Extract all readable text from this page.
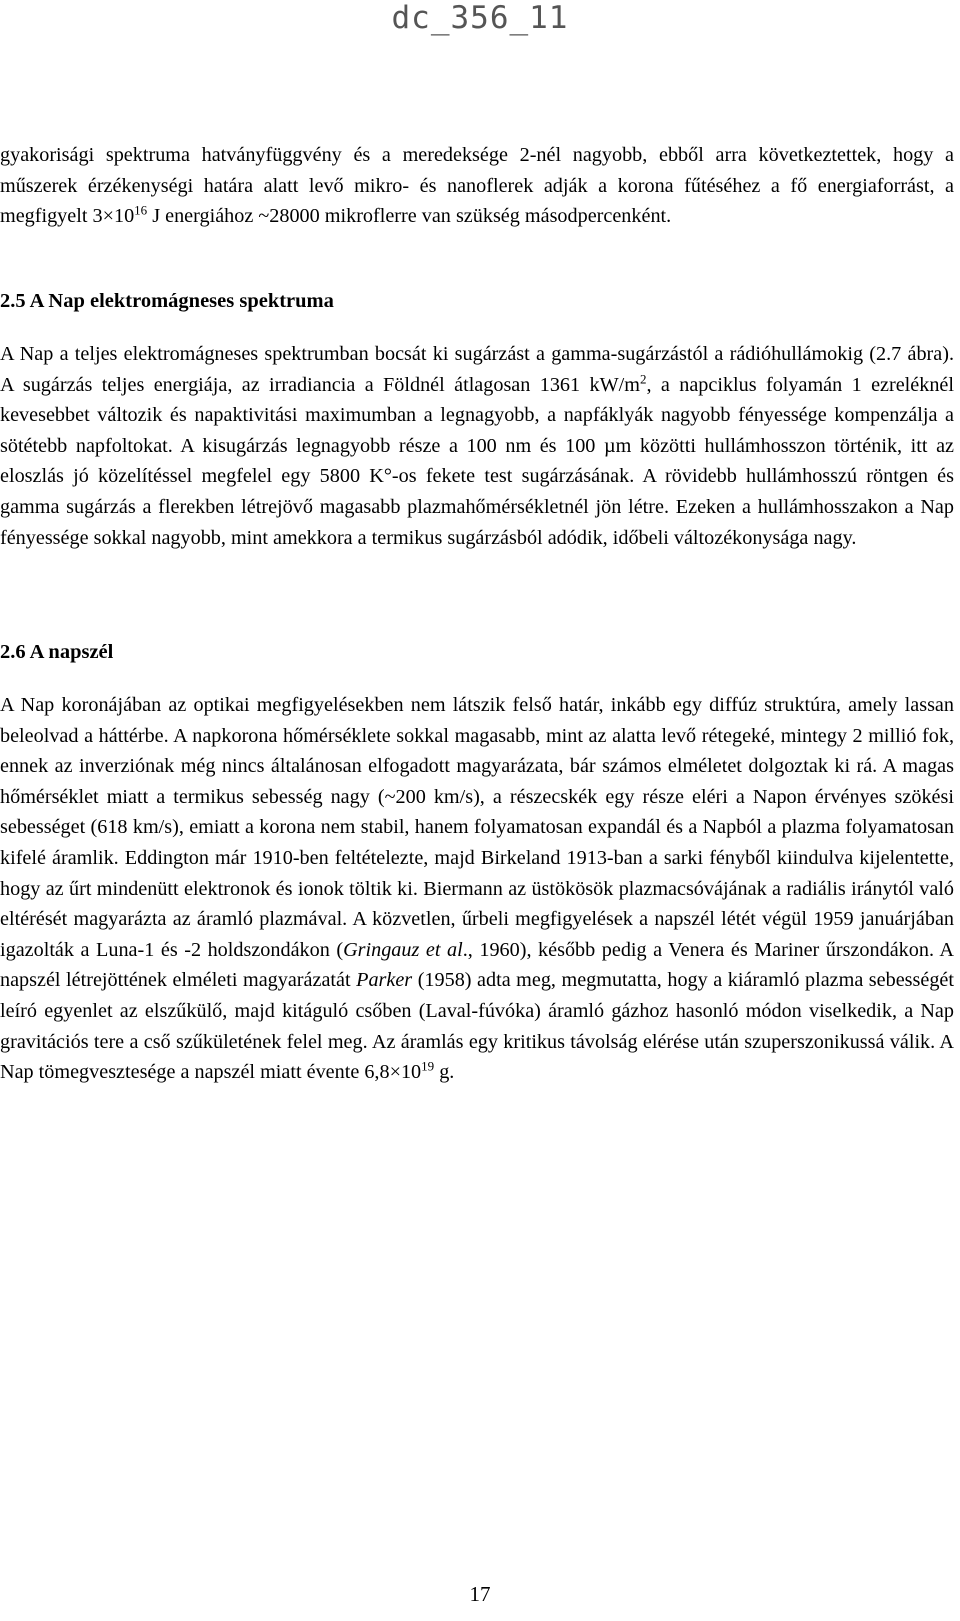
dc_356_11

gyakorisági spektruma hatványfüggvény és a meredeksége 2-nél nagyobb, ebből arra következtettek, hogy a műszerek érzékenységi határa alatt levő mikro- és nanoflerek adják a korona fűtéséhez a fő energiaforrást, a megfigyelt $3\times 10^{16}$ J energiához ~28000 mikroflerre van szükség másodpercenként.

2.5 A Nap elektromágneses spektruma

A Nap a teljes elektromágneses spektrumban bocsát ki sugárzást a gamma-sugárzástól a rádióhullámokig (2.7 ábra). A sugárzás teljes energiája, az irradiancia a Földnél átlagosan 1361 $kW/m^2$, a napciklus folyamán 1 ezreléknél kevesebbet változik és napaktivitási maximumban a legnagyobb, a napfáklyák nagyobb fényessége kompenzálja a sötétebb napfoltokat. A kisugárzás legnagyobb része a 100 nm és 100 µm közötti hullámhosszon történik, itt az eloszlás jó közelítéssel megfelel egy 5800 K°-os fekete test sugárzásának. A rövidebb hullámhosszú röntgen és gamma sugárzás a flerekben létrejövő magasabb plazmahőmérsékletnél jön létre. Ezeken a hullámhosszakon a Nap fényessége sokkal nagyobb, mint amekkora a termikus sugárzásból adódik, időbeli változékonysága nagy.

2.6 A napszél

A Nap koronájában az optikai megfigyelésekben nem látszik felső határ, inkább egy diffúz struktúra, amely lassan beleolvad a háttérbe. A napkorona hőmérséklete sokkal magasabb, mint az alatta levő rétegeké, mintegy 2 millió fok, ennek az inverziónak még nincs általánosan elfogadott magyarázata, bár számos elméletet dolgoztak ki rá. A magas hőmérséklet miatt a termikus sebesség nagy (~200 km/s), a részecskék egy része eléri a Napon érvényes szökési sebességet (618 km/s), emiatt a korona nem stabil, hanem folyamatosan expandál és a Napból a plazma folyamatosan kifelé áramlik. Eddington már 1910-ben feltételezte, majd Birkeland 1913-ban a sarki fényből kiindulva kijelentette, hogy az űrt mindenütt elektronok és ionok töltik ki. Biermann az üstökösök plazmacsóvájának a radiális iránytól való eltérését magyarázta az áramló plazmával. A közvetlen, űrbeli megfigyelések a napszél létét végül 1959 januárjában igazolták a Luna-1 és -2 holdszondákon (Gringauz et al., 1960), később pedig a Venera és Mariner űrszondákon. A napszél létrejöttének elméleti magyarázatát Parker (1958) adta meg, megmutatta, hogy a kiáramló plazma sebességét leíró egyenlet az elszűkülő, majd kitáguló csőben (Laval-fúvóka) áramló gázhoz hasonló módon viselkedik, a Nap gravitációs tere a cső szűkületének felel meg. Az áramlás egy kritikus távolság elérése után szuperszonikussá válik. A Nap tömegvesztesége a napszél miatt évente $6,8\times 10^{19}$ g.

17
